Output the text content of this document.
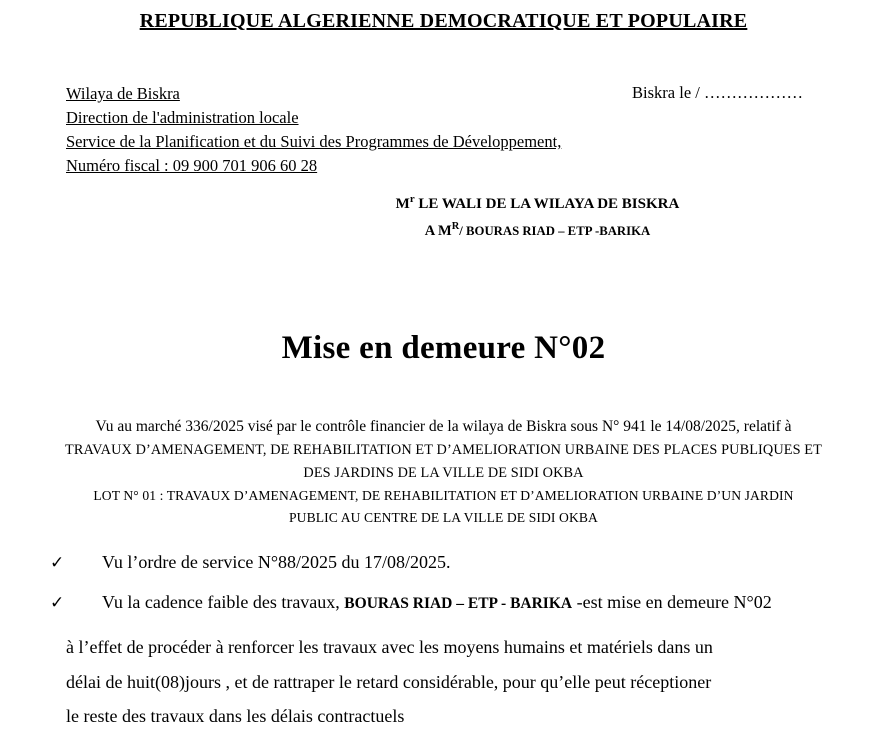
REPUBLIQUE ALGERIENNE DEMOCRATIQUE ET POPULAIRE
Wilaya de Biskra
Direction de l'administration locale
Service de la Planification et du Suivi des Programmes de Développement,
Numéro fiscal : 09 900 701 906 60 28
Biskra le / ………………
$M^r$ LE WALI DE LA WILAYA DE BISKRA
A $M^R/$ BOURAS RIAD – ETP -BARIKA
Mise en demeure N°02
Vu au marché 336/2025 visé par le contrôle financier de la wilaya de Biskra sous N° 941 le 14/08/2025, relatif à
TRAVAUX D’AMENAGEMENT, DE REHABILITATION ET D’AMELIORATION URBAINE DES PLACES PUBLIQUES ET
DES JARDINS DE LA VILLE DE SIDI OKBA
LOT N° 01 : TRAVAUX D’AMENAGEMENT, DE REHABILITATION ET D’AMELIORATION URBAINE D’UN JARDIN
PUBLIC AU CENTRE DE LA VILLE DE SIDI OKBA
✓	Vu l’ordre de service N°88/2025 du 17/08/2025.
✓	Vu la cadence faible des travaux, BOURAS RIAD – ETP - BARIKA -est mise en demeure N°02
à l’effet de procéder à renforcer les travaux avec les moyens humains et matériels dans un
délai de huit(08)jours , et de rattraper le retard considérable, pour qu’elle peut réceptioner
le reste des travaux dans les délais contractuels
